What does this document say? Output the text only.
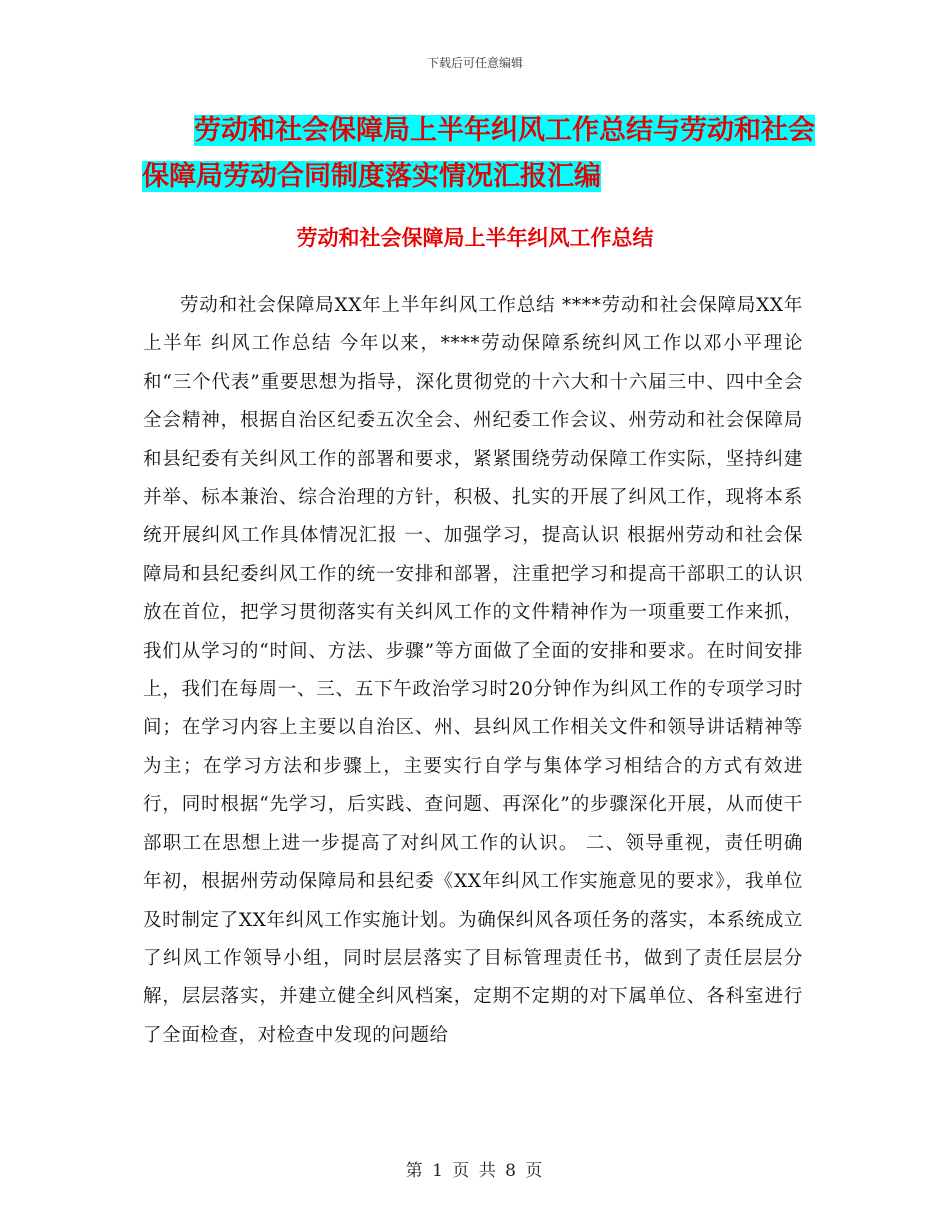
下载后可任意编辑
劳动和社会保障局上半年纠风工作总结与劳动和社会
保障局劳动合同制度落实情况汇报汇编
劳动和社会保障局上半年纠风工作总结

劳动和社会保障局XX年上半年纠风工作总结 ****劳动和社会保障局XX年上半年 纠风工作总结 今年以来，****劳动保障系统纠风工作以邓小平理论和“三个代表”重要思想为指导，深化贯彻党的十六大和十六届三中、四中全会全会精神，根据自治区纪委五次全会、州纪委工作会议、州劳动和社会保障局和县纪委有关纠风工作的部署和要求，紧紧围绕劳动保障工作实际，坚持纠建并举、标本兼治、综合治理的方针，积极、扎实的开展了纠风工作，现将本系统开展纠风工作具体情况汇报 一、加强学习，提高认识 根据州劳动和社会保障局和县纪委纠风工作的统一安排和部署，注重把学习和提高干部职工的认识放在首位，把学习贯彻落实有关纠风工作的文件精神作为一项重要工作来抓，我们从学习的“时间、方法、步骤”等方面做了全面的安排和要求。在时间安排上，我们在每周一、三、五下午政治学习时20分钟作为纠风工作的专项学习时间；在学习内容上主要以自治区、州、县纠风工作相关文件和领导讲话精神等为主；在学习方法和步骤上，主要实行自学与集体学习相结合的方式有效进行，同时根据“先学习，后实践、查问题、再深化”的步骤深化开展，从而使干部职工在思想上进一步提高了对纠风工作的认识。 二、领导重视，责任明确 年初，根据州劳动保障局和县纪委《XX年纠风工作实施意见的要求》，我单位及时制定了XX年纠风工作实施计划。为确保纠风各项任务的落实，本系统成立了纠风工作领导小组，同时层层落实了目标管理责任书，做到了责任层层分解，层层落实，并建立健全纠风档案，定期不定期的对下属单位、各科室进行了全面检查，对检查中发现的问题给

第 1 页 共 8 页
